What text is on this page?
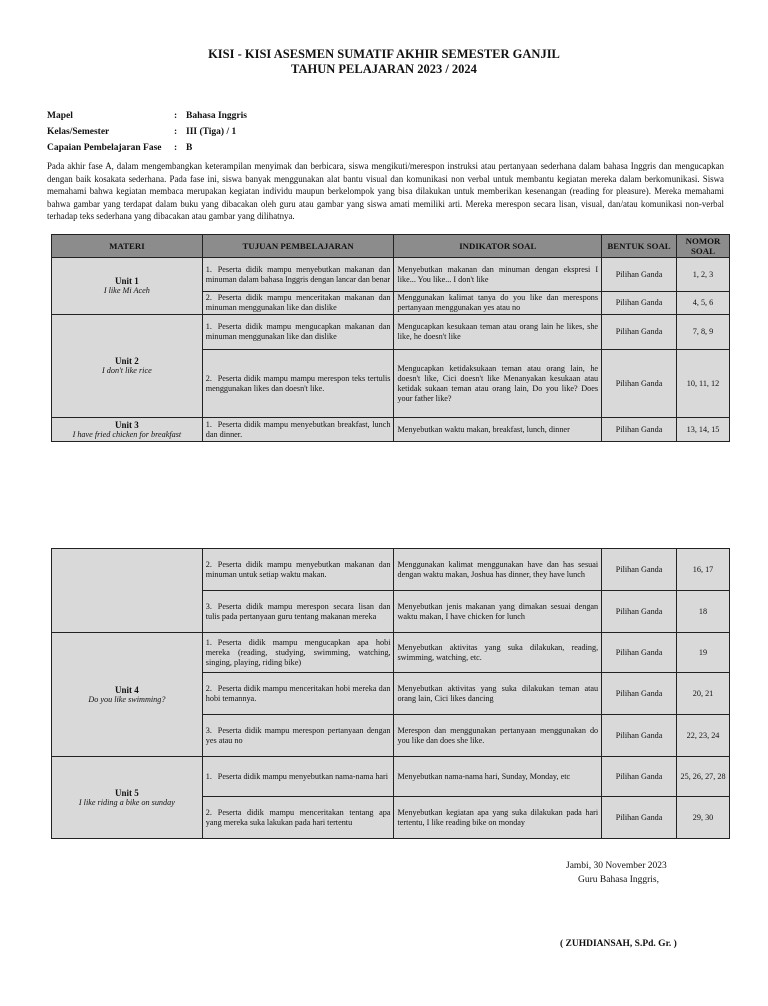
KISI - KISI ASESMEN SUMATIF AKHIR SEMESTER GANJIL
TAHUN PELAJARAN 2023 / 2024
Mapel	: Bahasa Inggris
Kelas/Semester	: III (Tiga) / 1
Capaian Pembelajaran Fase : B
Pada akhir fase A, dalam mengembangkan keterampilan menyimak dan berbicara, siswa mengikuti/merespon instruksi atau pertanyaan sederhana dalam bahasa Inggris dan mengucapkan dengan baik kosakata sederhana. Pada fase ini, siswa banyak menggunakan alat bantu visual dan komunikasi non verbal untuk membantu kegiatan mereka dalam berkomunikasi. Siswa memahami bahwa kegiatan membaca merupakan kegiatan individu maupun berkelompok yang bisa dilakukan untuk memberikan kesenangan (reading for pleasure). Mereka memahami bahwa gambar yang terdapat dalam buku yang dibacakan oleh guru atau gambar yang siswa amati memiliki arti. Mereka merespon secara lisan, visual, dan/atau komunikasi non-verbal terhadap teks sederhana yang dibacakan atau gambar yang dilihatnya.
MATERI	TUJUAN PEMBELAJARAN	INDIKATOR SOAL	BENTUK SOAL	NOMOR SOAL

Unit 1
I like Mi Aceh	1. Peserta didik mampu menyebutkan makanan dan minuman dalam bahasa Inggris dengan lancar dan benar	Menyebutkan makanan dan minuman dengan ekspresi I like... You like... I don't like	Pilihan Ganda	1, 2, 3
	2. Peserta didik mampu menceritakan makanan dan minuman menggunakan like dan dislike	Menggunakan kalimat tanya do you like dan merespons pertanyaan menggunakan yes atau no	Pilihan Ganda	4, 5, 6

Unit 2
I don't like rice	1. Peserta didik mampu mengucapkan makanan dan minuman menggunakan like dan dislike	Mengucapkan kesukaan teman atau orang lain he likes, she like, he doesn't like	Pilihan Ganda	7, 8, 9
	2. Peserta didik mampu mampu merespon teks tertulis menggunakan likes dan doesn't like.	Mengucapkan ketidaksukaan teman atau orang lain, he doesn't like, Cici doesn't like Menanyakan kesukaan atau ketidak sukaan teman atau orang lain, Do you like? Does your father like?	Pilihan Ganda	10, 11, 12

Unit 3
I have fried chicken for breakfast	1. Peserta didik mampu menyebutkan breakfast, lunch dan dinner.	Menyebutkan waktu makan, breakfast, lunch, dinner	Pilihan Ganda	13, 14, 15
	2. Peserta didik mampu menyebutkan makanan dan minuman untuk setiap waktu makan.	Menggunakan kalimat menggunakan have dan has sesuai dengan waktu makan, Joshua has dinner, they have lunch	Pilihan Ganda	16, 17
	3. Peserta didik mampu merespon secara lisan dan tulis pada pertanyaan guru tentang makanan mereka	Menyebutkan jenis makanan yang dimakan sesuai dengan waktu makan, I have chicken for lunch	Pilihan Ganda	18

Unit 4
Do you like swimming?	1. Peserta didik mampu mengucapkan apa hobi mereka (reading, studying, swimming, watching, singing, playing, riding bike)	Menyebutkan aktivitas yang suka dilakukan, reading, swimming, watching, etc.	Pilihan Ganda	19
	2. Peserta didik mampu menceritakan hobi mereka dan hobi temannya.	Menyebutkan aktivitas yang suka dilakukan teman atau orang lain, Cici likes dancing	Pilihan Ganda	20, 21
	3. Peserta didik mampu merespon pertanyaan dengan yes atau no	Merespon dan menggunakan pertanyaan menggunakan do you like dan does she like.	Pilihan Ganda	22, 23, 24

Unit 5
I like riding a bike on sunday	1. Peserta didik mampu menyebutkan nama-nama hari	Menyebutkan nama-nama hari, Sunday, Monday, etc	Pilihan Ganda	25, 26, 27, 28
	2. Peserta didik mampu menceritakan tentang apa yang mereka suka lakukan pada hari tertentu	Menyebutkan kegiatan apa yang suka dilakukan pada hari tertentu, I like reading bike on monday	Pilihan Ganda	29, 30
Jambi, 30 November 2023
Guru Bahasa Inggris,
( ZUHDIANSAH, S.Pd. Gr. )
